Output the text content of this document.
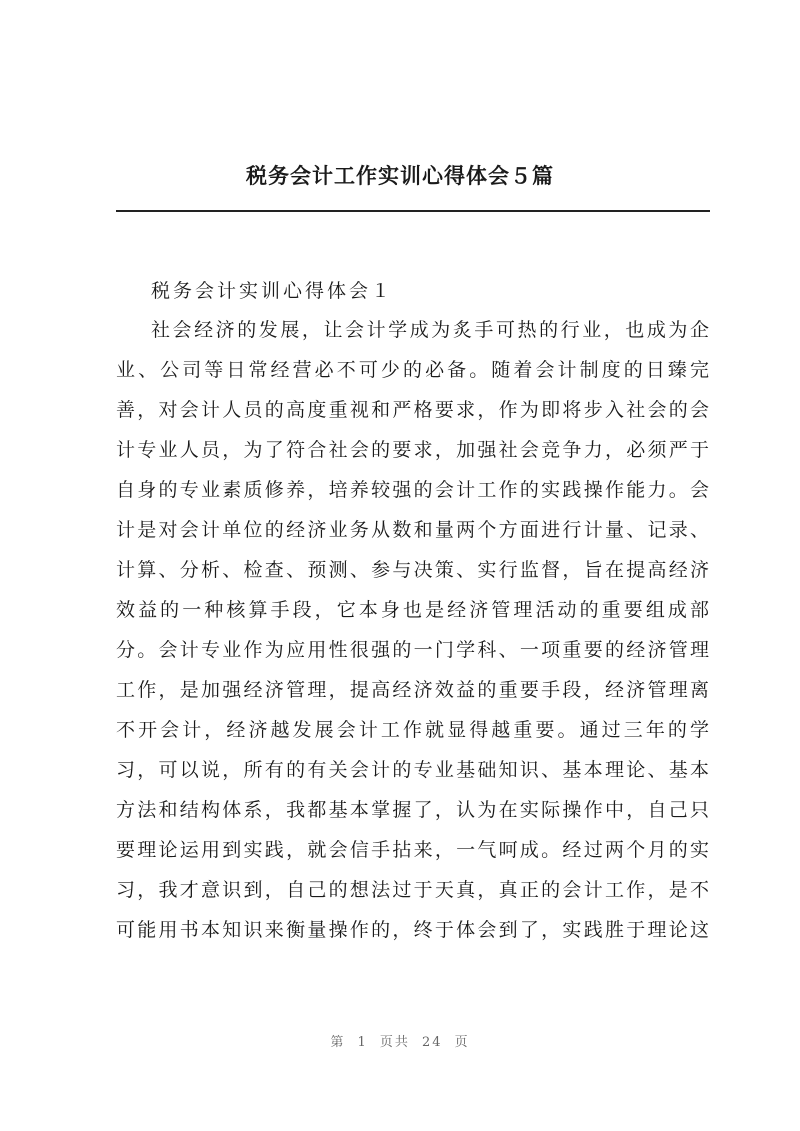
税务会计工作实训心得体会５篇
税务会计实训心得体会１
社会经济的发展，让会计学成为炙手可热的行业，也成为企
业、公司等日常经营必不可少的必备。随着会计制度的日臻完
善，对会计人员的高度重视和严格要求，作为即将步入社会的会
计专业人员，为了符合社会的要求，加强社会竞争力，必须严于
自身的专业素质修养，培养较强的会计工作的实践操作能力。会
计是对会计单位的经济业务从数和量两个方面进行计量、记录、
计算、分析、检查、预测、参与决策、实行监督，旨在提高经济
效益的一种核算手段，它本身也是经济管理活动的重要组成部
分。会计专业作为应用性很强的一门学科、一项重要的经济管理
工作，是加强经济管理，提高经济效益的重要手段，经济管理离
不开会计，经济越发展会计工作就显得越重要。通过三年的学
习，可以说，所有的有关会计的专业基础知识、基本理论、基本
方法和结构体系，我都基本掌握了，认为在实际操作中，自己只
要理论运用到实践，就会信手拈来，一气呵成。经过两个月的实
习，我才意识到，自己的想法过于天真，真正的会计工作，是不
可能用书本知识来衡量操作的，终于体会到了，实践胜于理论这
第 1 页共 24 页
